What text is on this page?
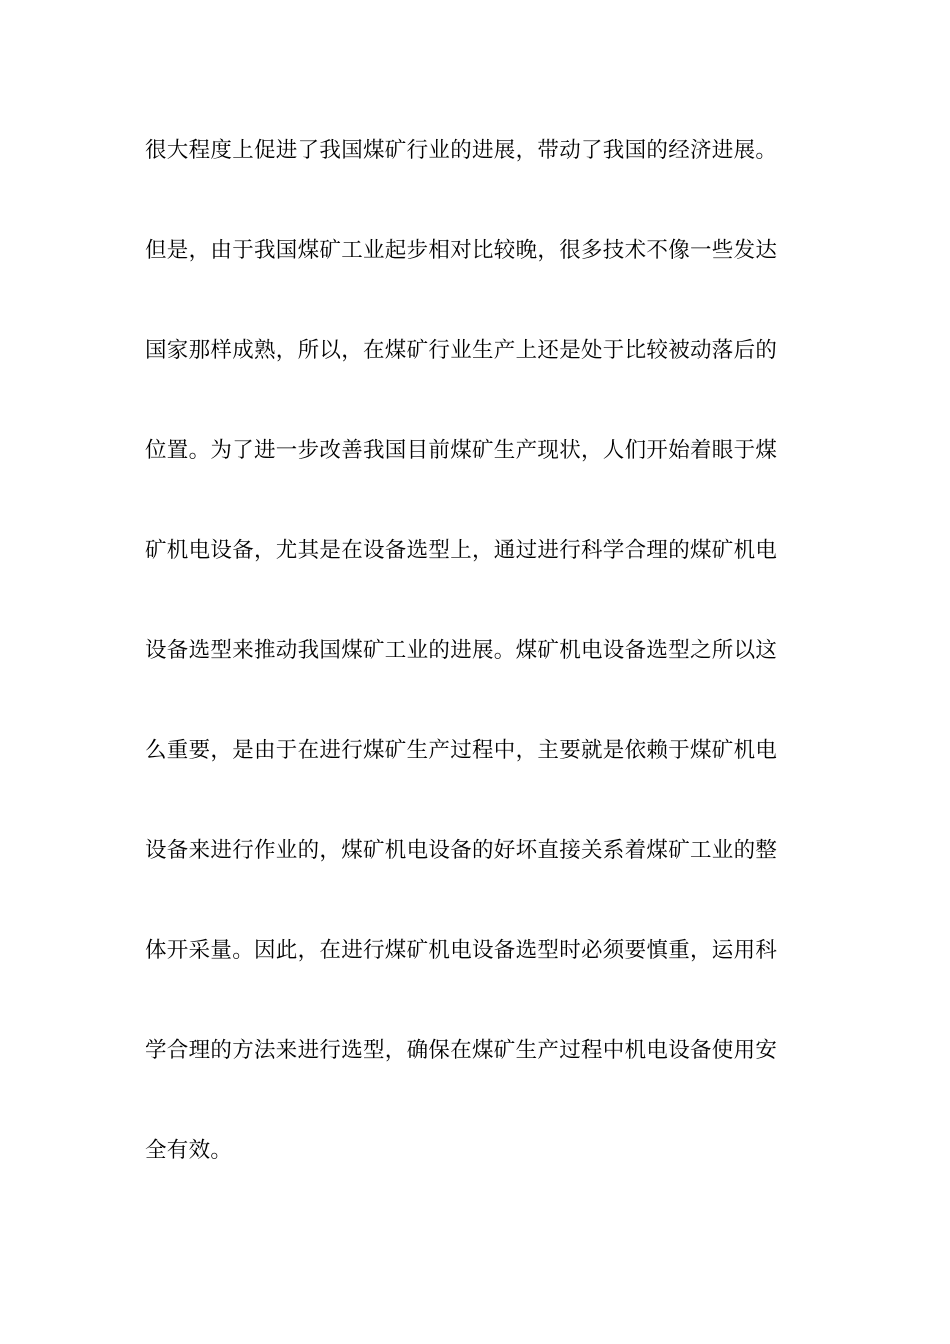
很大程度上促进了我国煤矿行业的进展，带动了我国的经济进展。
但是，由于我国煤矿工业起步相对比较晚，很多技术不像一些发达
国家那样成熟，所以，在煤矿行业生产上还是处于比较被动落后的
位置。为了进一步改善我国目前煤矿生产现状，人们开始着眼于煤
矿机电设备，尤其是在设备选型上，通过进行科学合理的煤矿机电
设备选型来推动我国煤矿工业的进展。煤矿机电设备选型之所以这
么重要，是由于在进行煤矿生产过程中，主要就是依赖于煤矿机电
设备来进行作业的，煤矿机电设备的好坏直接关系着煤矿工业的整
体开采量。因此，在进行煤矿机电设备选型时必须要慎重，运用科
学合理的方法来进行选型，确保在煤矿生产过程中机电设备使用安
全有效。
